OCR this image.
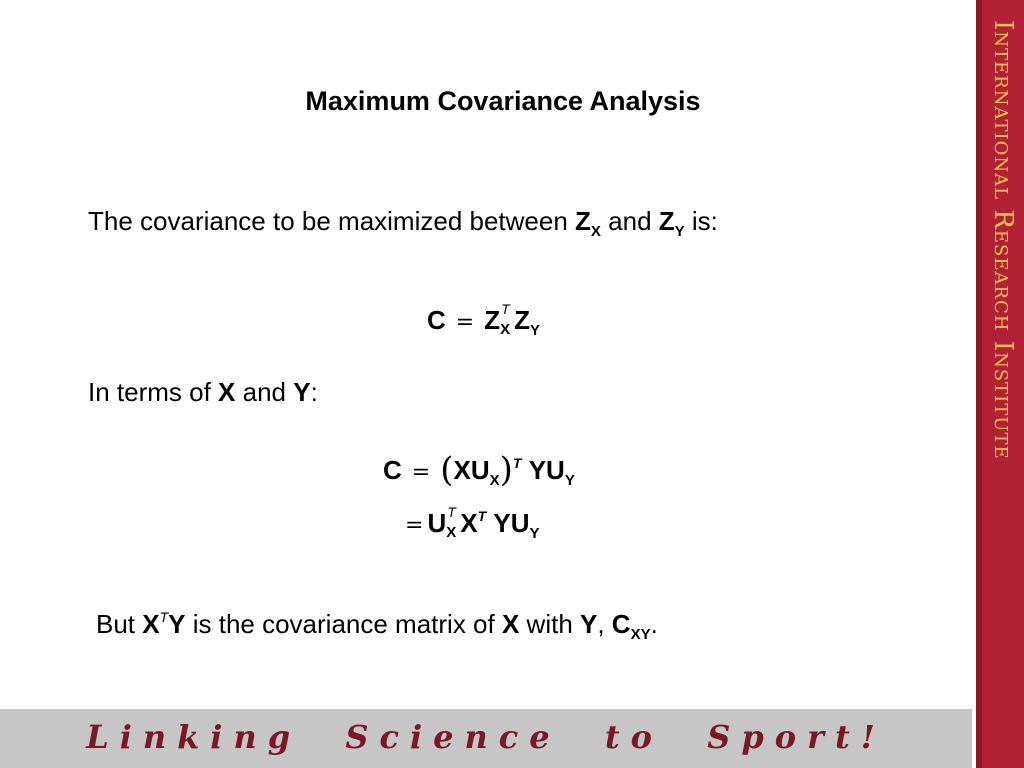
Maximum Covariance Analysis
The covariance to be maximized between $Z_X$ and $Z_Y$ is:
C = Z T
X $Z_Y$
In terms of X and Y:
$C = (XU_X)^T$ $YU_Y$
= U T
X $X^T$ $YU_Y$
But $X^TY$ is the covariance matrix of X with Y, $C_{XY}$.
International Research Institute
Linking  Science  to  Sport!
